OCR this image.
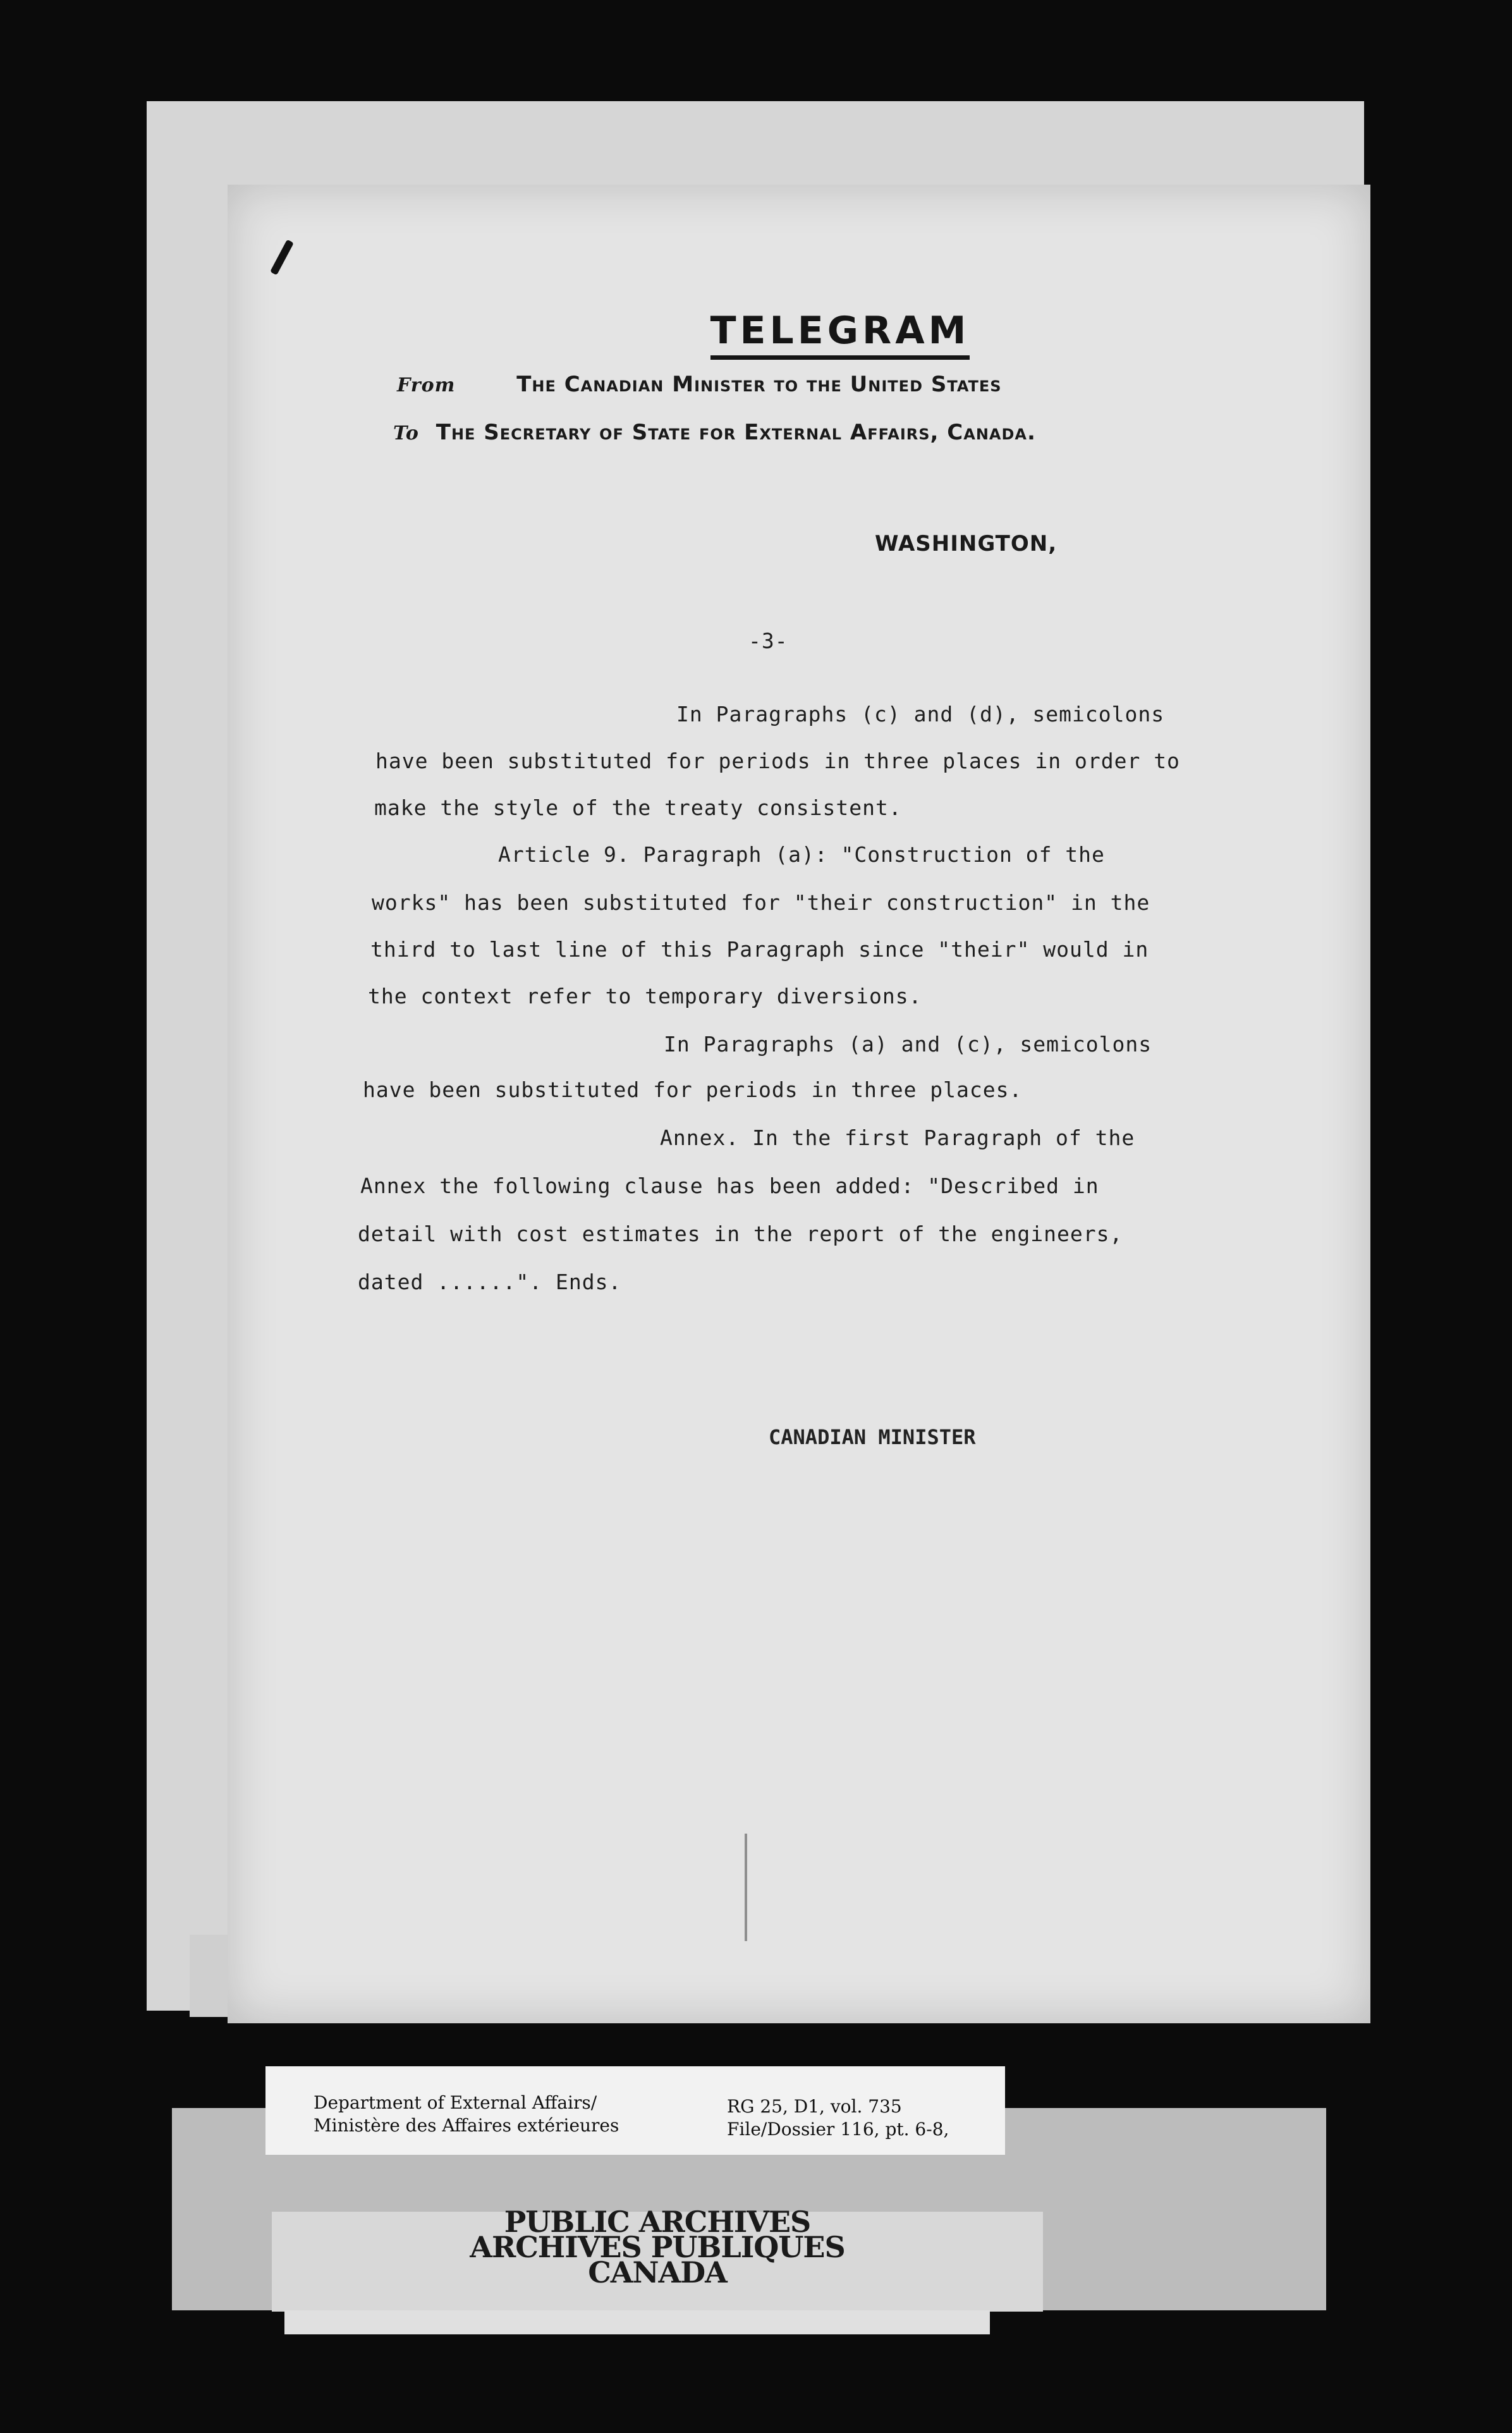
TELEGRAM
From	The Canadian Minister to the United States
To The Secretary of State for External Affairs, Canada.
WASHINGTON,
-3-
In Paragraphs (c) and (d), semicolons
have been substituted for periods in three places in order to
make the style of the treaty consistent.
Article 9. Paragraph (a): "Construction of the
works" has been substituted for "their construction" in the
third to last line of this Paragraph since "their" would in
the context refer to temporary diversions.
In Paragraphs (a) and (c), semicolons
have been substituted for periods in three places.
Annex. In the first Paragraph of the
Annex the following clause has been added: "Described in
detail with cost estimates in the report of the engineers,
dated ......". Ends.
CANADIAN MINISTER
Department of External Affairs/
Ministère des Affaires extérieures
RG 25, D1, vol. 735
File/Dossier 116, pt. 6-8,
PUBLIC ARCHIVES
ARCHIVES PUBLIQUES
CANADA
